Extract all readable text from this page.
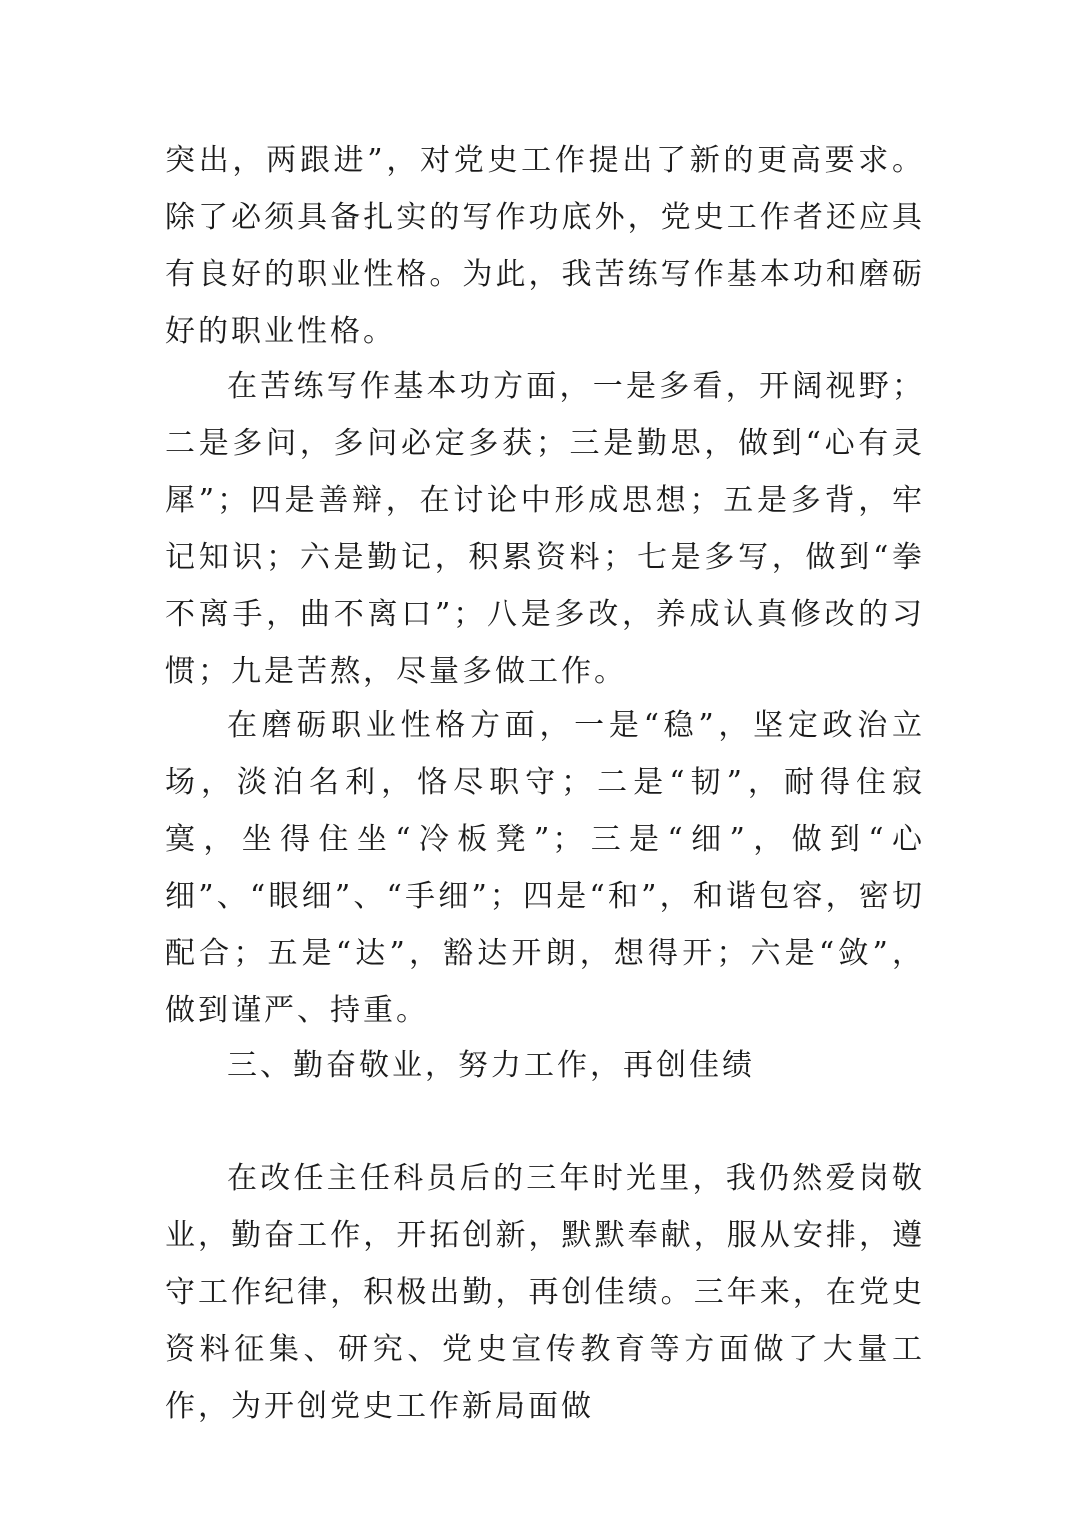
突出，两跟进”，对党史工作提出了新的更高要求。除了必须具备扎实的写作功底外，党史工作者还应具有良好的职业性格。为此，我苦练写作基本功和磨砺好的职业性格。

在苦练写作基本功方面，一是多看，开阔视野；二是多问，多问必定多获；三是勤思，做到“心有灵犀”；四是善辩，在讨论中形成思想；五是多背，牢记知识；六是勤记，积累资料；七是多写，做到“拳不离手，曲不离口”；八是多改，养成认真修改的习惯；九是苦熬，尽量多做工作。

在磨砺职业性格方面，一是“稳”，坚定政治立场，淡泊名利，恪尽职守；二是“韧”，耐得住寂寞，坐得住坐“冷板凳”；三是“细”，做到“心细”、“眼细”、“手细”；四是“和”，和谐包容，密切配合；五是“达”，豁达开朗，想得开；六是“敛”，做到谨严、持重。

三、勤奋敬业，努力工作，再创佳绩

在改任主任科员后的三年时光里，我仍然爱岗敬业，勤奋工作，开拓创新，默默奉献，服从安排，遵守工作纪律，积极出勤，再创佳绩。三年来，在党史资料征集、研究、党史宣传教育等方面做了大量工作，为开创党史工作新局面做
